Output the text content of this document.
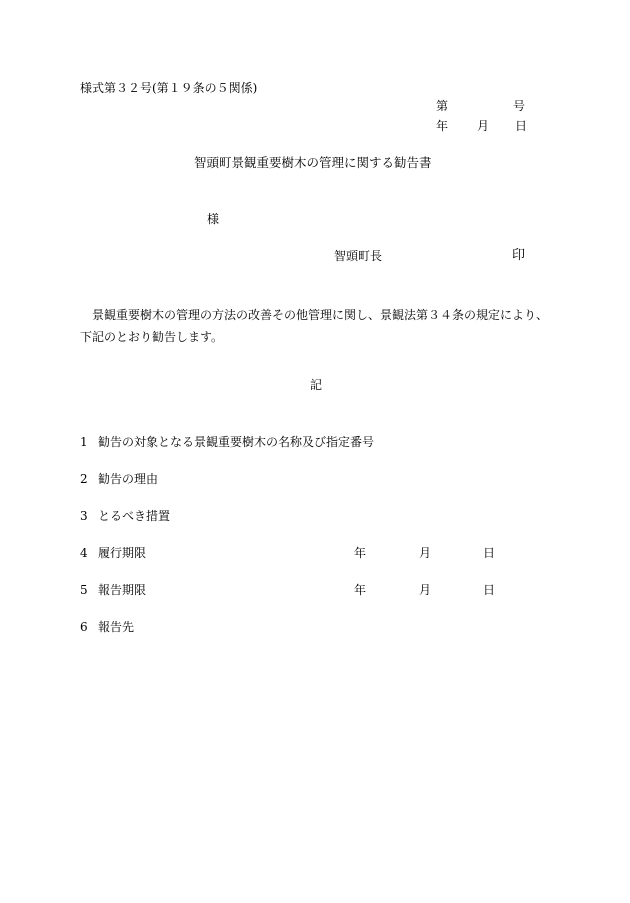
様式第３２号(第１９条の５関係)
第	号
年 月 日
智頭町景観重要樹木の管理に関する勧告書
様
智頭町長	印
景観重要樹木の管理の方法の改善その他管理に関し、景観法第３４条の規定により、下記のとおり勧告します。
記
1 勧告の対象となる景観重要樹木の名称及び指定番号
2 勧告の理由
3 とるべき措置
4 履行期限	年	月	日
5 報告期限	年	月	日
6 報告先
